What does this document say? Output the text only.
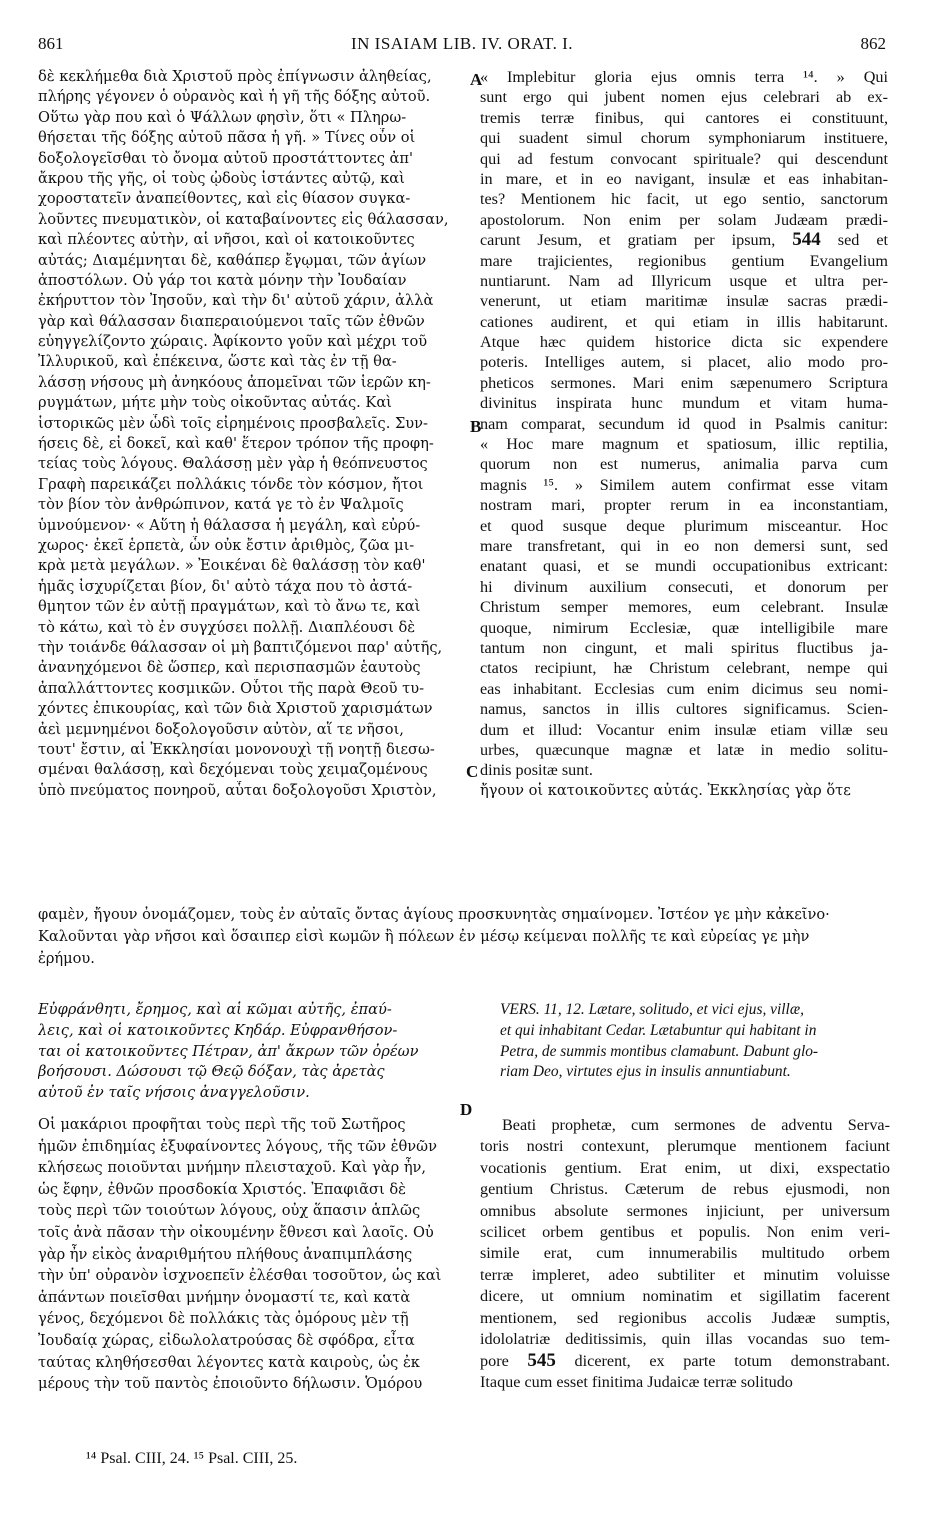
861	IN ISAIAM LIB. IV. ORAT. I.	862
A
B
C
D
δὲ κεκλήμεθα διὰ Χριστοῦ πρὸς ἐπίγνωσιν ἀληθείας,
πλήρης γέγονεν ὁ οὐρανὸς καὶ ἡ γῆ τῆς δόξης αὐτοῦ.
Οὕτω γὰρ που καὶ ὁ Ψάλλων φησὶν, ὅτι « Πληρω-
θήσεται τῆς δόξης αὐτοῦ πᾶσα ἡ γῆ. » Τίνες οὖν οἱ
δοξολογεῖσθαι τὸ ὄνομα αὐτοῦ προστάττοντες ἀπ'
ἄκρου τῆς γῆς, οἱ τοὺς ᾠδοὺς ἱστάντες αὐτῷ, καὶ
χοροστατεῖν ἀναπείθοντες, καὶ εἰς θίασον συγκα-
λοῦντες πνευματικὸν, οἱ καταβαίνοντες εἰς θάλασσαν,
καὶ πλέοντες αὐτὴν, αἱ νῆσοι, καὶ οἱ κατοικοῦντες
αὐτάς; Διαμέμνηται δὲ, καθάπερ ἔγῳμαι, τῶν ἁγίων
ἀποστόλων. Οὐ γάρ τοι κατὰ μόνην τὴν Ἰουδαίαν
ἐκήρυττον τὸν Ἰησοῦν, καὶ τὴν δι' αὐτοῦ χάριν, ἀλλὰ
γὰρ καὶ θάλασσαν διαπεραιούμενοι ταῖς τῶν ἐθνῶν
εὐηγγελίζοντο χώραις. Ἀφίκοντο γοῦν καὶ μέχρι τοῦ
Ἰλλυρικοῦ, καὶ ἐπέκεινα, ὥστε καὶ τὰς ἐν τῇ θα-
λάσσῃ νήσους μὴ ἀνηκόους ἀπομεῖναι τῶν ἱερῶν κη-
ρυγμάτων, μήτε μὴν τοὺς οἰκοῦντας αὐτάς. Καὶ
ἱστορικῶς μὲν ὧδὶ τοῖς εἰρημένοις προσβαλεῖς. Συν-
ήσεις δὲ, εἰ δοκεῖ, καὶ καθ' ἕτερον τρόπον τῆς προφη-
τείας τοὺς λόγους. Θαλάσσῃ μὲν γὰρ ἡ θεόπνευστος
Γραφὴ παρεικάζει πολλάκις τόνδε τὸν κόσμον, ἤτοι
τὸν βίον τὸν ἀνθρώπινον, κατά γε τὸ ἐν Ψαλμοῖς
ὑμνούμενον· « Αὕτη ἡ θάλασσα ἡ μεγάλη, καὶ εὐρύ-
χωρος· ἐκεῖ ἑρπετὰ, ὧν οὐκ ἔστιν ἀριθμὸς, ζῶα μι-
κρὰ μετὰ μεγάλων. » Ἐοικέναι δὲ θαλάσσῃ τὸν καθ'
ἡμᾶς ἰσχυρίζεται βίον, δι' αὐτὸ τάχα που τὸ ἀστά-
θμητον τῶν ἐν αὐτῇ πραγμάτων, καὶ τὸ ἄνω τε, καὶ
τὸ κάτω, καὶ τὸ ἐν συγχύσει πολλῇ. Διαπλέουσι δὲ
τὴν τοιάνδε θάλασσαν οἱ μὴ βαπτιζόμενοι παρ' αὐτῆς,
ἀνανηχόμενοι δὲ ὥσπερ, καὶ περισπασμῶν ἑαυτοὺς
ἀπαλλάττοντες κοσμικῶν. Οὗτοι τῆς παρὰ Θεοῦ τυ-
χόντες ἐπικουρίας, καὶ τῶν διὰ Χριστοῦ χαρισμάτων
ἀεὶ μεμνημένοι δοξολογοῦσιν αὐτὸν, αἵ τε νῆσοι,
τουτ' ἔστιν, αἱ Ἐκκλησίαι μονονουχὶ τῇ νοητῇ διεσω-
σμέναι θαλάσσῃ, καὶ δεχόμεναι τοὺς χειμαζομένους
ὑπὸ πνεύματος πονηροῦ, αὗται δοξολογοῦσι Χριστὸν,
« Implebitur gloria ejus omnis terra ¹⁴. » Qui
sunt ergo qui jubent nomen ejus celebrari ab ex-
tremis terræ finibus, qui cantores ei constituunt,
qui suadent simul chorum symphoniarum instituere,
qui ad festum convocant spirituale? qui descendunt
in mare, et in eo navigant, insulæ et eas inhabitan-
tes? Mentionem hic facit, ut ego sentio, sanctorum
apostolorum. Non enim per solam Judæam prædi-
carunt Jesum, et gratiam per ipsum, 544 sed et
mare trajicientes, regionibus gentium Evangelium
nuntiarunt. Nam ad Illyricum usque et ultra per-
venerunt, ut etiam maritimæ insulæ sacras prædi-
cationes audirent, et qui etiam in illis habitarunt.
Atque hæc quidem historice dicta sic expendere
poteris. Intelliges autem, si placet, alio modo pro-
pheticos sermones. Mari enim sæpenumero Scriptura
divinitus inspirata hunc mundum et vitam huma-
nam comparat, secundum id quod in Psalmis canitur:
« Hoc mare magnum et spatiosum, illic reptilia,
quorum non est numerus, animalia parva cum
magnis ¹⁵. » Similem autem confirmat esse vitam
nostram mari, propter rerum in ea inconstantiam,
et quod susque deque plurimum misceantur. Hoc
mare transfretant, qui in eo non demersi sunt, sed
enatant quasi, et se mundi occupationibus extricant:
hi divinum auxilium consecuti, et donorum per
Christum semper memores, eum celebrant. Insulæ
quoque, nimirum Ecclesiæ, quæ intelligibile mare
tantum non cingunt, et mali spiritus fluctibus ja-
ctatos recipiunt, hæ Christum celebrant, nempe qui
eas inhabitant. Ecclesias cum enim dicimus seu nomi-
namus, sanctos in illis cultores significamus. Scien-
dum et illud: Vocantur enim insulæ etiam villæ seu
urbes, quæcunque magnæ et latæ in medio solitu-
dinis positæ sunt.
ἤγουν οἱ κατοικοῦντες αὐτάς. Ἐκκλησίας γὰρ ὅτε
φαμὲν, ἤγουν ὀνομάζομεν, τοὺς ἐν αὐταῖς ὄντας ἁγίους προσκυνητὰς σημαίνομεν. Ἰστέον γε μὴν κἀκεῖνο·
Καλοῦνται γὰρ νῆσοι καὶ ὅσαιπερ εἰσὶ κωμῶν ἢ πόλεων ἐν μέσῳ κείμεναι πολλῆς τε καὶ εὐρείας γε μὴν
ἐρήμου.
Εὐφράνθητι, ἔρημος, καὶ αἱ κῶμαι αὐτῆς, ἐπαύ-
λεις, καὶ οἱ κατοικοῦντες Κηδάρ. Εὐφρανθήσον-
ται οἱ κατοικοῦντες Πέτραν, ἀπ' ἄκρων τῶν ὀρέων
βοήσουσι. Δώσουσι τῷ Θεῷ δόξαν, τὰς ἀρετὰς
αὐτοῦ ἐν ταῖς νήσοις ἀναγγελοῦσιν.
VERS. 11, 12. Lætare, solitudo, et vici ejus, villæ,
et qui inhabitant Cedar. Lætabuntur qui habitant in
Petra, de summis montibus clamabunt. Dabunt glo-
riam Deo, virtutes ejus in insulis annuntiabunt.
Οἱ μακάριοι προφῆται τοὺς περὶ τῆς τοῦ Σωτῆρος
ἡμῶν ἐπιδημίας ἐξυφαίνοντες λόγους, τῆς τῶν ἐθνῶν
κλήσεως ποιοῦνται μνήμην πλεισταχοῦ. Καὶ γὰρ ἦν,
ὡς ἔφην, ἐθνῶν προσδοκία Χριστός. Ἐπαφιᾶσι δὲ
τοὺς περὶ τῶν τοιούτων λόγους, οὐχ ἅπασιν ἁπλῶς
τοῖς ἀνὰ πᾶσαν τὴν οἰκουμένην ἔθνεσι καὶ λαοῖς. Οὐ
γὰρ ἦν εἰκὸς ἀναριθμήτου πλήθους ἀναπιμπλάσης
τὴν ὑπ' οὐρανὸν ἰσχνοεπεῖν ἐλέσθαι τοσοῦτον, ὡς καὶ
ἁπάντων ποιεῖσθαι μνήμην ὀνομαστί τε, καὶ κατὰ
γένος, δεχόμενοι δὲ πολλάκις τὰς ὁμόρους μὲν τῇ
Ἰουδαίᾳ χώρας, εἰδωλολατρούσας δὲ σφόδρα, εἶτα
ταύτας κληθήσεσθαι λέγοντες κατὰ καιροὺς, ὡς ἐκ
μέρους τὴν τοῦ παντὸς ἐποιοῦντο δήλωσιν. Ὁμόρου
Beati prophetæ, cum sermones de adventu Serva-
toris nostri contexunt, plerumque mentionem faciunt
vocationis gentium. Erat enim, ut dixi, exspectatio
gentium Christus. Cæterum de rebus ejusmodi, non
omnibus absolute sermones injiciunt, per universum
scilicet orbem gentibus et populis. Non enim veri-
simile erat, cum innumerabilis multitudo orbem
terræ impleret, adeo subtiliter et minutim voluisse
dicere, ut omnium nominatim et sigillatim facerent
mentionem, sed regionibus accolis Judææ sumptis,
idololatriæ deditissimis, quin illas vocandas suo tem-
pore 545 dicerent, ex parte totum demonstrabant.
Itaque cum esset finitima Judaicæ terræ solitudo
¹⁴ Psal. CIII, 24. ¹⁵ Psal. CIII, 25.
